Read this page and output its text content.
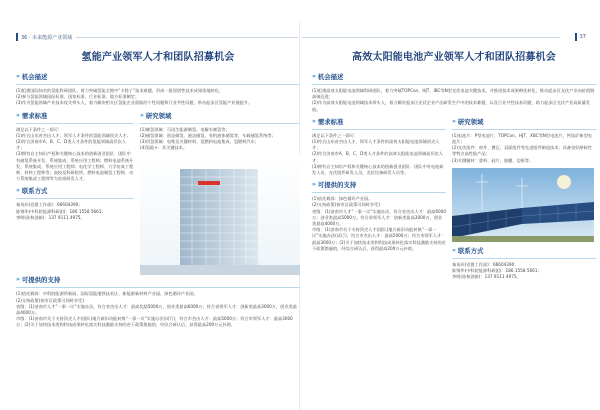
36 · 未来能源产业领域	37
氢能产业领军人才和团队招募机会
» 机会描述
(1)组建国际知名的氢能科研团队，着力突破氢能全链中“卡脖子”技术难题，形成一批原创性技术成果落地转化；
(2)参与氢能领域国际标准、国家标准、行业标准、地方标准制定；
(3)作为氢能领域产业技术攻关带头人，着力解决相关区氢能企业面临的个性问题和行业共性问题，带动起步区氢能产业链提升。
» 需求标准
满足以下条件之一即可：
(1)符合山东省杰出人才、领军人才条件的氢能领域顶尖人才；
(2)符合济南市A、B、C、D类人才条件的氢能领域高层次人才；
(3)拥有自主知识产权和关键核心技术的创新创业团队：团队中有储氢系统开发、系统集成、系统应用工程师；燃料电池系统开发、系统集成、系统应用工程师；电化学工程师、力学仿真工程师、材料工程师等；高校及科研院所、燃料电池制氢工程师、动力系统集成工程师等为首席研发人才。
» 联系方式
秦英环(党群工作部)：66604390；
陈锦华(中科院能源科研团)：186 1558 5661；
李明(孙秋创新)：137 9111 4975。
» 研究领域
(1)制氢领域：可再生能源制氢、电解水制氢等；
(2)储氢领域：固态储氢、液态储氢、有机液体储氢等，车载储氢系统等；
(3)用氢领域：电堆及关键材料、氢燃料电池集成、氢燃料汽车；
(4)氢能+：其关键技术。
» 可提供的支持
(1)依托载体：中科院能源所新园、国际氢能地铁技术区、新能源新材料产业园，绿色循环产业园。
(2)支持政策(按市区政策可同时享受)：
省级：(1)济南市人才“一事一议”实施办法，符合省杰出人才：最高奖励5000万，创业类最高6000万；符合省领军人才：创新类最高3000万，创业类最高4000万。
市级：(1)济南市关于支持顶尖人才(团队)地方新旧动能转换“一事一议”实施办法(试行)，符合市杰出人才：最高5000万；符合市领军人才：最高3000万；(2)关于加快技术类和科技成果转化落实科技激励支持的若干政策措施的，经综合研认后，获得最高200万元补助。
高效太阳能电池产业领军人才和团队招募机会
» 机会描述
(1)组建高效太阳能电池领域科研团队，着力突破TOPCon、HJT、IBC等N型光伏电池关键技术，并推进技术成果孵化转化，推动起步区光伏产业向价值链高端迈进；
(2)作为高效太阳能电池领域技术带头人，着力解决起步区光伏企业产品研发生产中的技术难题，以及行业共性技术问题，助力起步区光伏产业高质量发展。
» 需求标准
满足以下条件之一即可：
(1)符合山东省杰出人才、领军人才条件的高效太阳能电池领域顶尖人才；
(2)符合济南市A、B、C、D类人才条件的高效太阳能电池领域高层次人才；
(3)拥有自主知识产权和关键核心技术的创新创业团队：团队中有电池研发人员，光伏组件研发人员，光伏设备研发人员等。
» 可提供的支持
(1)依托载体：绿色循环产业园。
(2)支持政策(按市区政策可同时享受)：
省级：(1)济南市人才“一事一议”实施办法，符合省杰出人才：最高6000万；创业类最高5000万。符合省领军人才：创新类最高3000万，创业类最高4000万。
市级：(1)济南市关于支持顶尖人才(团队)地方新旧动能转换“一事一议”实施办法(试行)，符合市杰出人才：最高5000万；符合市领军人才：最高3000万；(2)关于加快技术类和科技成果转化落实科技激励支持的若干政策措施的，经综合研认后，获得最高200万元补助。
» 研究领域
(1)电池片：P型电池片、TOPCon、HJT、XBC等N型电池片，钙钛矿新型电池片；
(2)光伏组件：串并、叠瓦、双面组件等先进组件制造技术；具备良好耐候性等特点高性能产品；
(3)关键辅材：浆料、硅片、胶膜、边框等。
» 联系方式
秦英环(党群工作部)：66604390；
陈锦华(中科院能源科研团)：186 1558 5661；
李明(孙秋创新)：137 9111 4975。
